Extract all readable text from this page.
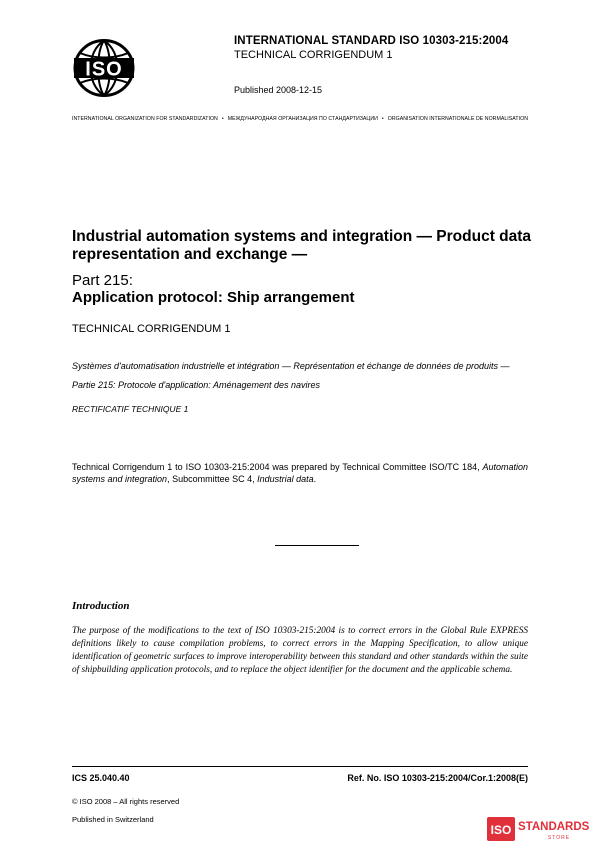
ISO
INTERNATIONAL STANDARD ISO 10303-215:2004
TECHNICAL CORRIGENDUM 1
Published 2008-12-15
INTERNATIONAL ORGANIZATION FOR STANDARDIZATION • МЕЖДУНАРОДНАЯ ОРГАНИЗАЦИЯ ПО СТАНДАРТИЗАЦИИ • ORGANISATION INTERNATIONALE DE NORMALISATION
Industrial automation systems and integration — Product data representation and exchange —
Part 215:
Application protocol: Ship arrangement
TECHNICAL CORRIGENDUM 1
Systèmes d'automatisation industrielle et intégration — Représentation et échange de données de produits —
Partie 215: Protocole d'application: Aménagement des navires
RECTIFICATIF TECHNIQUE 1
Technical Corrigendum 1 to ISO 10303-215:2004 was prepared by Technical Committee ISO/TC 184, Automation systems and integration, Subcommittee SC 4, Industrial data.
Introduction
The purpose of the modifications to the text of ISO 10303-215:2004 is to correct errors in the Global Rule EXPRESS definitions likely to cause compilation problems, to correct errors in the Mapping Specification, to allow unique identification of geometric surfaces to improve interoperability between this standard and other standards within the suite of shipbuilding application protocols, and to replace the object identifier for the document and the applicable schema.
ICS 25.040.40	Ref. No. ISO 10303-215:2004/Cor.1:2008(E)
© ISO 2008 – All rights reserved
Published in Switzerland
ISO STANDARDS
STORE
